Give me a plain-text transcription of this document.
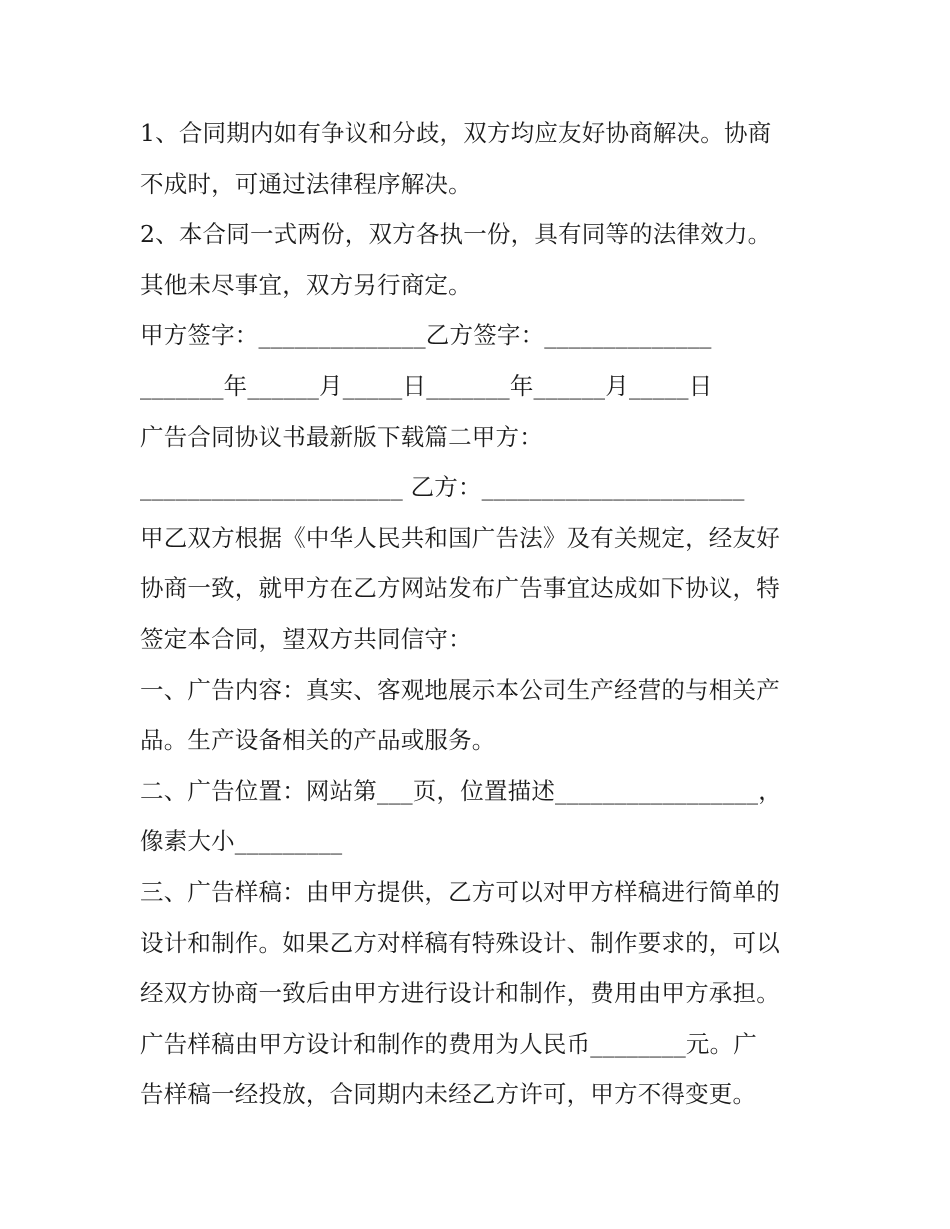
1、合同期内如有争议和分歧，双方均应友好协商解决。协商
不成时，可通过法律程序解决。
2、本合同一式两份，双方各执一份，具有同等的法律效力。
其他未尽事宜，双方另行商定。
甲方签字：______________乙方签字：______________
_______年______月_____日_______年______月_____日
广告合同协议书最新版下载篇二甲方：
______________________ 乙方：______________________
甲乙双方根据《中华人民共和国广告法》及有关规定，经友好
协商一致，就甲方在乙方网站发布广告事宜达成如下协议，特
签定本合同，望双方共同信守：
一、广告内容：真实、客观地展示本公司生产经营的与相关产
品。生产设备相关的产品或服务。
二、广告位置：网站第___页，位置描述_________________，
像素大小_________
三、广告样稿：由甲方提供，乙方可以对甲方样稿进行简单的
设计和制作。如果乙方对样稿有特殊设计、制作要求的，可以
经双方协商一致后由甲方进行设计和制作，费用由甲方承担。
广告样稿由甲方设计和制作的费用为人民币________元。广
告样稿一经投放，合同期内未经乙方许可，甲方不得变更。
